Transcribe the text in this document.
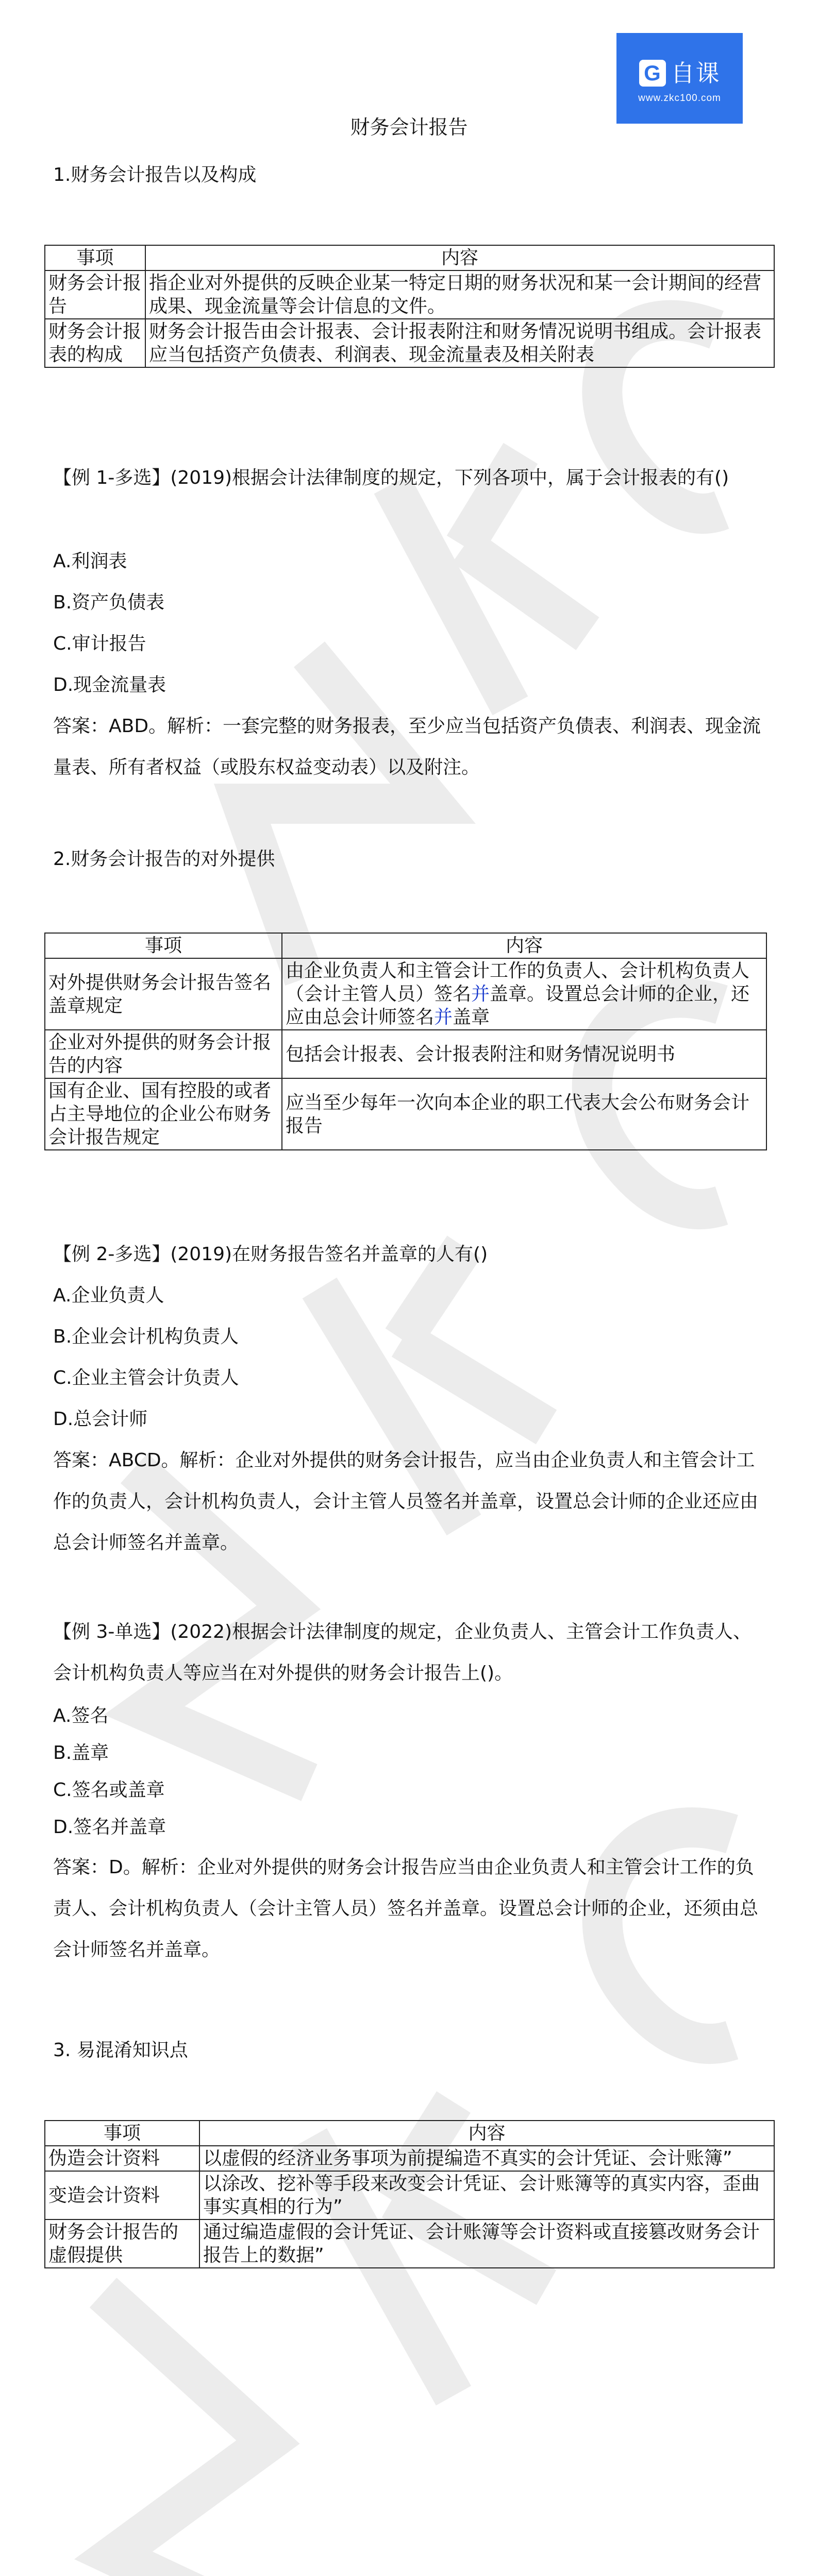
G 自课
www.zkc100.com
财务会计报告

1.财务会计报告以及构成

事项	内容
财务会计报告	指企业对外提供的反映企业某一特定日期的财务状况和某一会计期间的经营成果、现金流量等会计信息的文件。
财务会计报表的构成	财务会计报告由会计报表、会计报表附注和财务情况说明书组成。会计报表应当包括资产负债表、利润表、现金流量表及相关附表

【例 1-多选】(2019)根据会计法律制度的规定，下列各项中，属于会计报表的有()

A.利润表

B.资产负债表

C.审计报告

D.现金流量表

答案：ABD。解析：一套完整的财务报表，至少应当包括资产负债表、利润表、现金流量表、所有者权益（或股东权益变动表）以及附注。

2.财务会计报告的对外提供

事项	内容
对外提供财务会计报告签名盖章规定	由企业负责人和主管会计工作的负责人、会计机构负责人（会计主管人员）签名并盖章。设置总会计师的企业，还应由总会计师签名并盖章
企业对外提供的财务会计报告的内容	包括会计报表、会计报表附注和财务情况说明书
国有企业、国有控股的或者占主导地位的企业公布财务会计报告规定	应当至少每年一次向本企业的职工代表大会公布财务会计报告

【例 2-多选】(2019)在财务报告签名并盖章的人有()

A.企业负责人

B.企业会计机构负责人

C.企业主管会计负责人

D.总会计师

答案：ABCD。解析：企业对外提供的财务会计报告，应当由企业负责人和主管会计工作的负责人，会计机构负责人，会计主管人员签名并盖章，设置总会计师的企业还应由总会计师签名并盖章。

【例 3-单选】(2022)根据会计法律制度的规定，企业负责人、主管会计工作负责人、会计机构负责人等应当在对外提供的财务会计报告上()。

A.签名

B.盖章

C.签名或盖章

D.签名并盖章

答案：D。解析：企业对外提供的财务会计报告应当由企业负责人和主管会计工作的负责人、会计机构负责人（会计主管人员）签名并盖章。设置总会计师的企业，还须由总会计师签名并盖章。

3. 易混淆知识点

事项	内容
伪造会计资料	以虚假的经济业务事项为前提编造不真实的会计凭证、会计账簿”
变造会计资料	以涂改、挖补等手段来改变会计凭证、会计账簿等的真实内容，歪曲事实真相的行为”
财务会计报告的虚假提供	通过编造虚假的会计凭证、会计账簿等会计资料或直接篡改财务会计报告上的数据”
